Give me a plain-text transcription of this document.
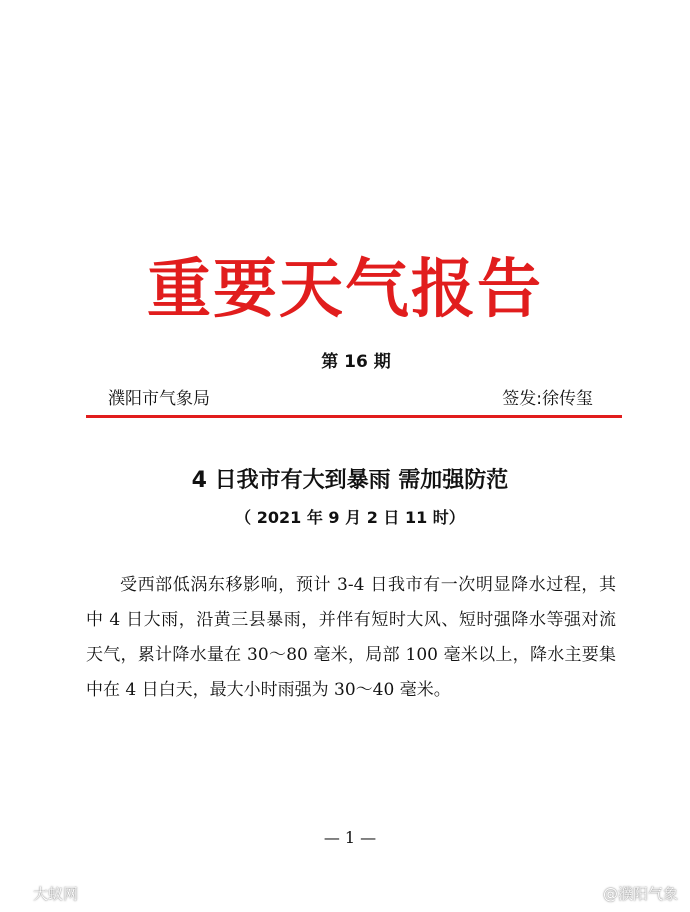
重要天气报告
第 16 期
濮阳市气象局	签发:徐传玺
4 日我市有大到暴雨 需加强防范
（ 2021 年 9 月 2 日 11 时）

受西部低涡东移影响，预计 3-4 日我市有一次明显降水过程，其中 4 日大雨，沿黄三县暴雨，并伴有短时大风、短时强降水等强对流天气，累计降水量在 30～80 毫米，局部 100 毫米以上，降水主要集中在 4 日白天，最大小时雨强为 30～40 毫米。

— 1 —
大蚁网	@濮阳气象
